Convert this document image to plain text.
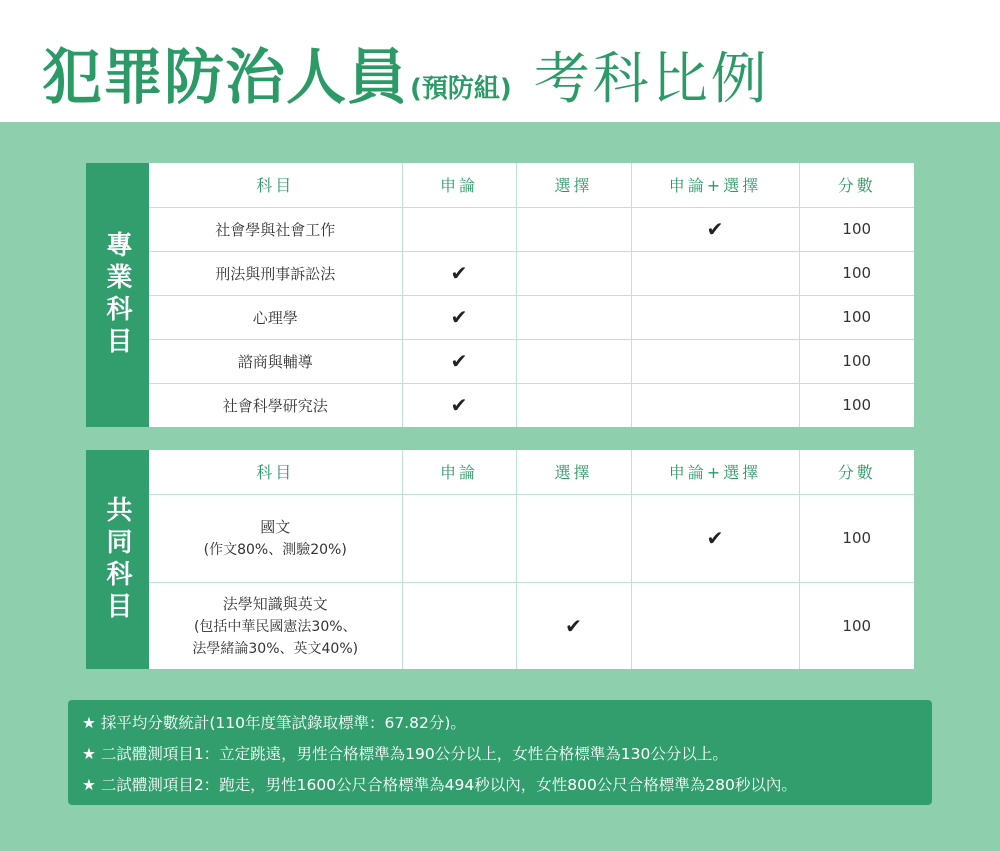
犯罪防治人員 (預防組) 考科比例
專業科目
科目	申論	選擇	申論+選擇	分數
社會學與社會工作			✔	100
刑法與刑事訴訟法	✔			100
心理學	✔			100
諮商與輔導	✔			100
社會科學研究法	✔			100
共同科目
科目	申論	選擇	申論+選擇	分數

國文
(作文80%、測驗20%)			✔	100

法學知識與英文
(包括中華民國憲法30%、
法學緒論30%、英文40%)		✔		100
★ 採平均分數統計(110年度筆試錄取標準：67.82分)。
★ 二試體測項目1：立定跳遠，男性合格標準為190公分以上，女性合格標準為130公分以上。
★ 二試體測項目2：跑走，男性1600公尺合格標準為494秒以內，女性800公尺合格標準為280秒以內。
